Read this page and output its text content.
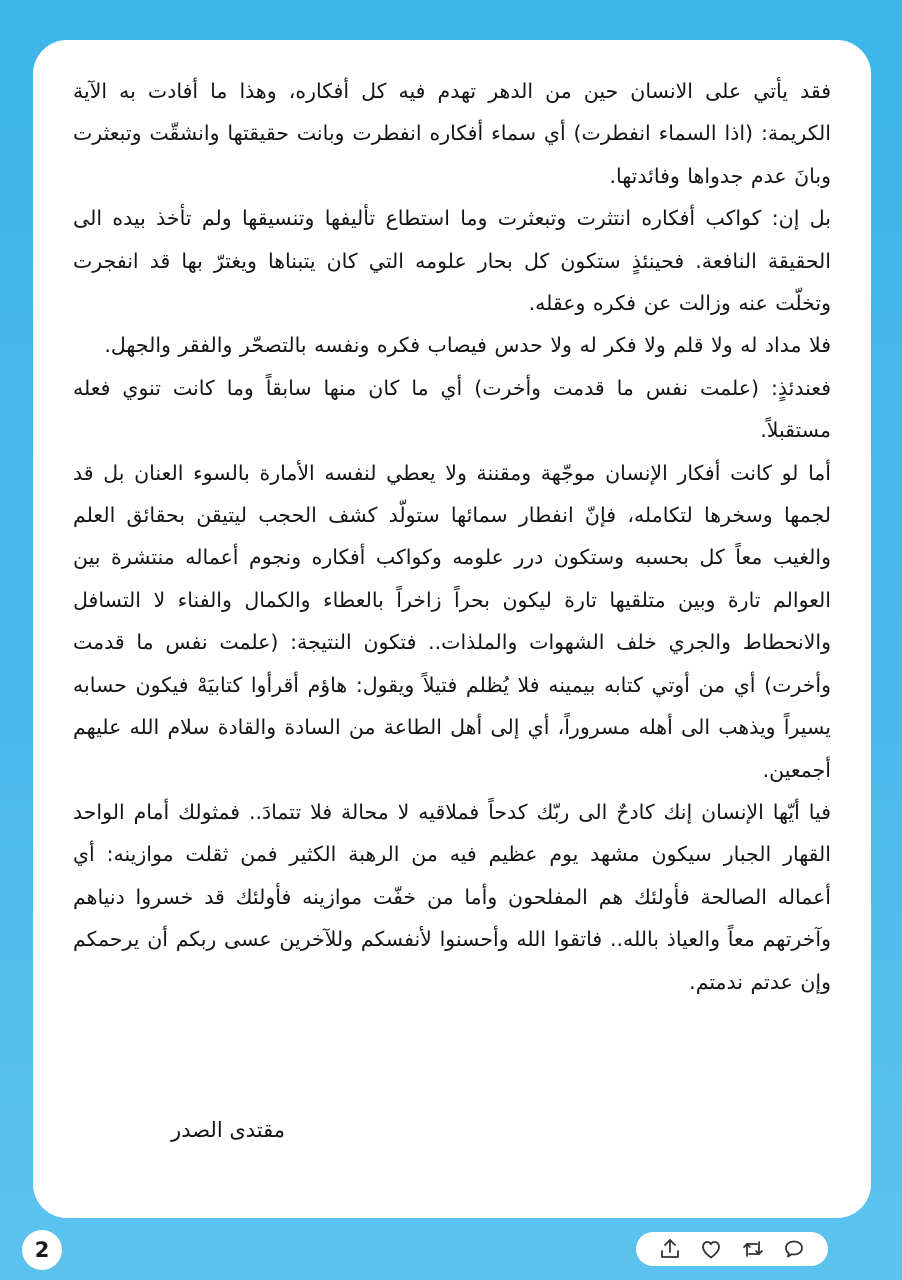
فقد يأتي على الانسان حين من الدهر تهدم فيه كل أفكاره، وهذا ما أفادت به الآية الكريمة: (اذا السماء انفطرت) أي سماء أفكاره انفطرت وبانت حقيقتها وانشقّت وتبعثرت وبانَ عدم جدواها وفائدتها.

بل إن: كواكب أفكاره انتثرت وتبعثرت وما استطاع تأليفها وتنسيقها ولم تأخذ بيده الى الحقيقة النافعة. فحينئذٍ ستكون كل بحار علومه التي كان يتبناها ويغترّ بها قد انفجرت وتخلّت عنه وزالت عن فكره وعقله.

فلا مداد له ولا قلم ولا فكر له ولا حدس فيصاب فكره ونفسه بالتصحّر والفقر والجهل.

فعندئذٍ: (علمت نفس ما قدمت وأخرت) أي ما كان منها سابقاً وما كانت تنوي فعله مستقبلاً.

أما لو كانت أفكار الإنسان موجّهة ومقننة ولا يعطي لنفسه الأمارة بالسوء العنان بل قد لجمها وسخرها لتكامله، فإنّ انفطار سمائها ستولّد كشف الحجب ليتيقن بحقائق العلم والغيب معاً كل بحسبه وستكون درر علومه وكواكب أفكاره ونجوم أعماله منتشرة بين العوالم تارة وبين متلقيها تارة ليكون بحراً زاخراً بالعطاء والكمال والفناء لا التسافل والانحطاط والجري خلف الشهوات والملذات.. فتكون النتيجة: (علمت نفس ما قدمت وأخرت) أي من أوتي كتابه بيمينه فلا يُظلم فتيلاً ويقول: هاؤم أقرأوا كتابيَهْ فيكون حسابه يسيراً ويذهب الى أهله مسروراً، أي إلى أهل الطاعة من السادة والقادة سلام الله عليهم أجمعين.

فيا أيّها الإنسان إنك كادحٌ الى ربّك كدحاً فملاقيه لا محالة فلا تتمادَ.. فمثولك أمام الواحد القهار الجبار سيكون مشهد يوم عظيم فيه من الرهبة الكثير فمن ثقلت موازينه: أي أعماله الصالحة فأولئك هم المفلحون وأما من خفّت موازينه فأولئك قد خسروا دنياهم وآخرتهم معاً والعياذ بالله.. فاتقوا الله وأحسنوا لأنفسكم وللآخرين عسى ربكم أن يرحمكم وإن عدتم ندمتم.

مقتدى الصدر
2
